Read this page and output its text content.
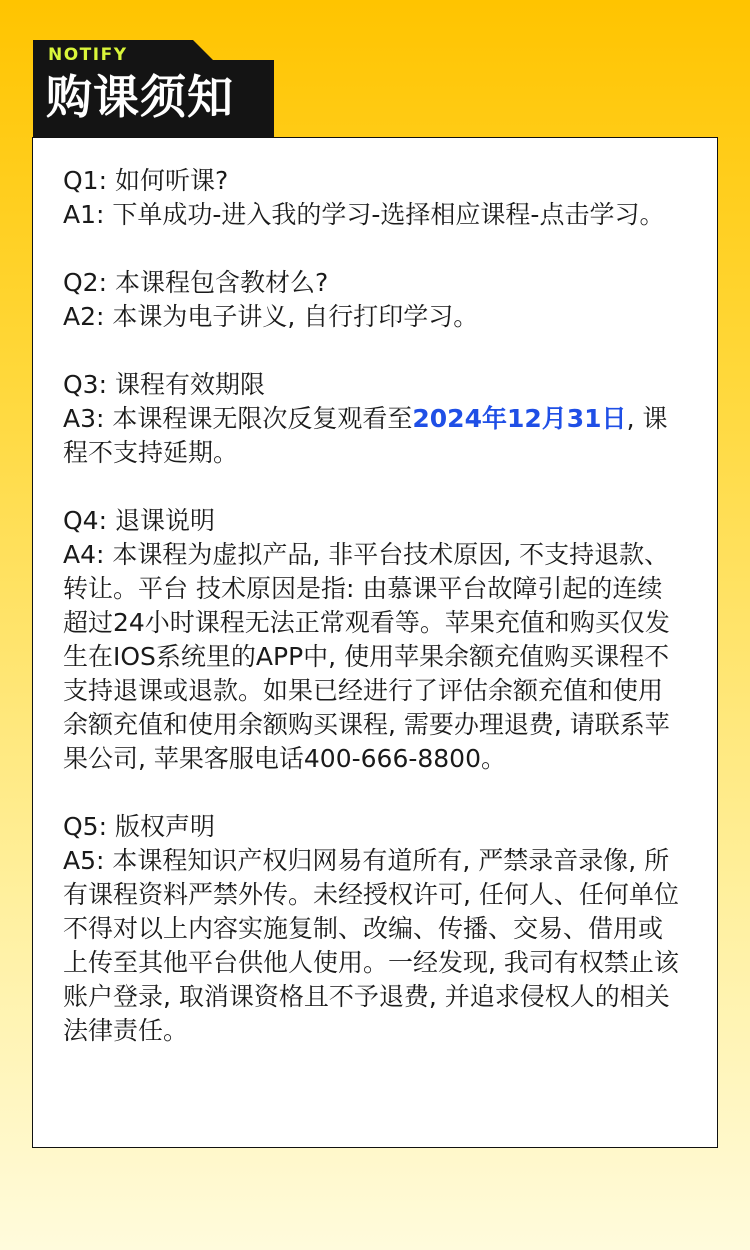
NOTIFY
购课须知

Q1: 如何听课?

A1: 下单成功-进入我的学习-选择相应课程-点击学习。

Q2: 本课程包含教材么?

A2: 本课为电子讲义, 自行打印学习。

Q3: 课程有效期限

A3: 本课程课无限次反复观看至2024年12月31日, 课程不支持延期。

Q4: 退课说明

A4: 本课程为虚拟产品, 非平台技术原因, 不支持退款、转让。平台 技术原因是指: 由慕课平台故障引起的连续超过24小时课程无法正常观看等。苹果充值和购买仅发生在IOS系统里的APP中, 使用苹果余额充值购买课程不支持退课或退款。如果已经进行了评估余额充值和使用余额充值和使用余额购买课程, 需要办理退费, 请联系苹果公司, 苹果客服电话400-666-8800。

Q5: 版权声明

A5: 本课程知识产权归网易有道所有, 严禁录音录像, 所有课程资料严禁外传。未经授权许可, 任何人、任何单位不得对以上内容实施复制、改编、传播、交易、借用或上传至其他平台供他人使用。一经发现, 我司有权禁止该账户登录, 取消课资格且不予退费, 并追求侵权人的相关法律责任。
